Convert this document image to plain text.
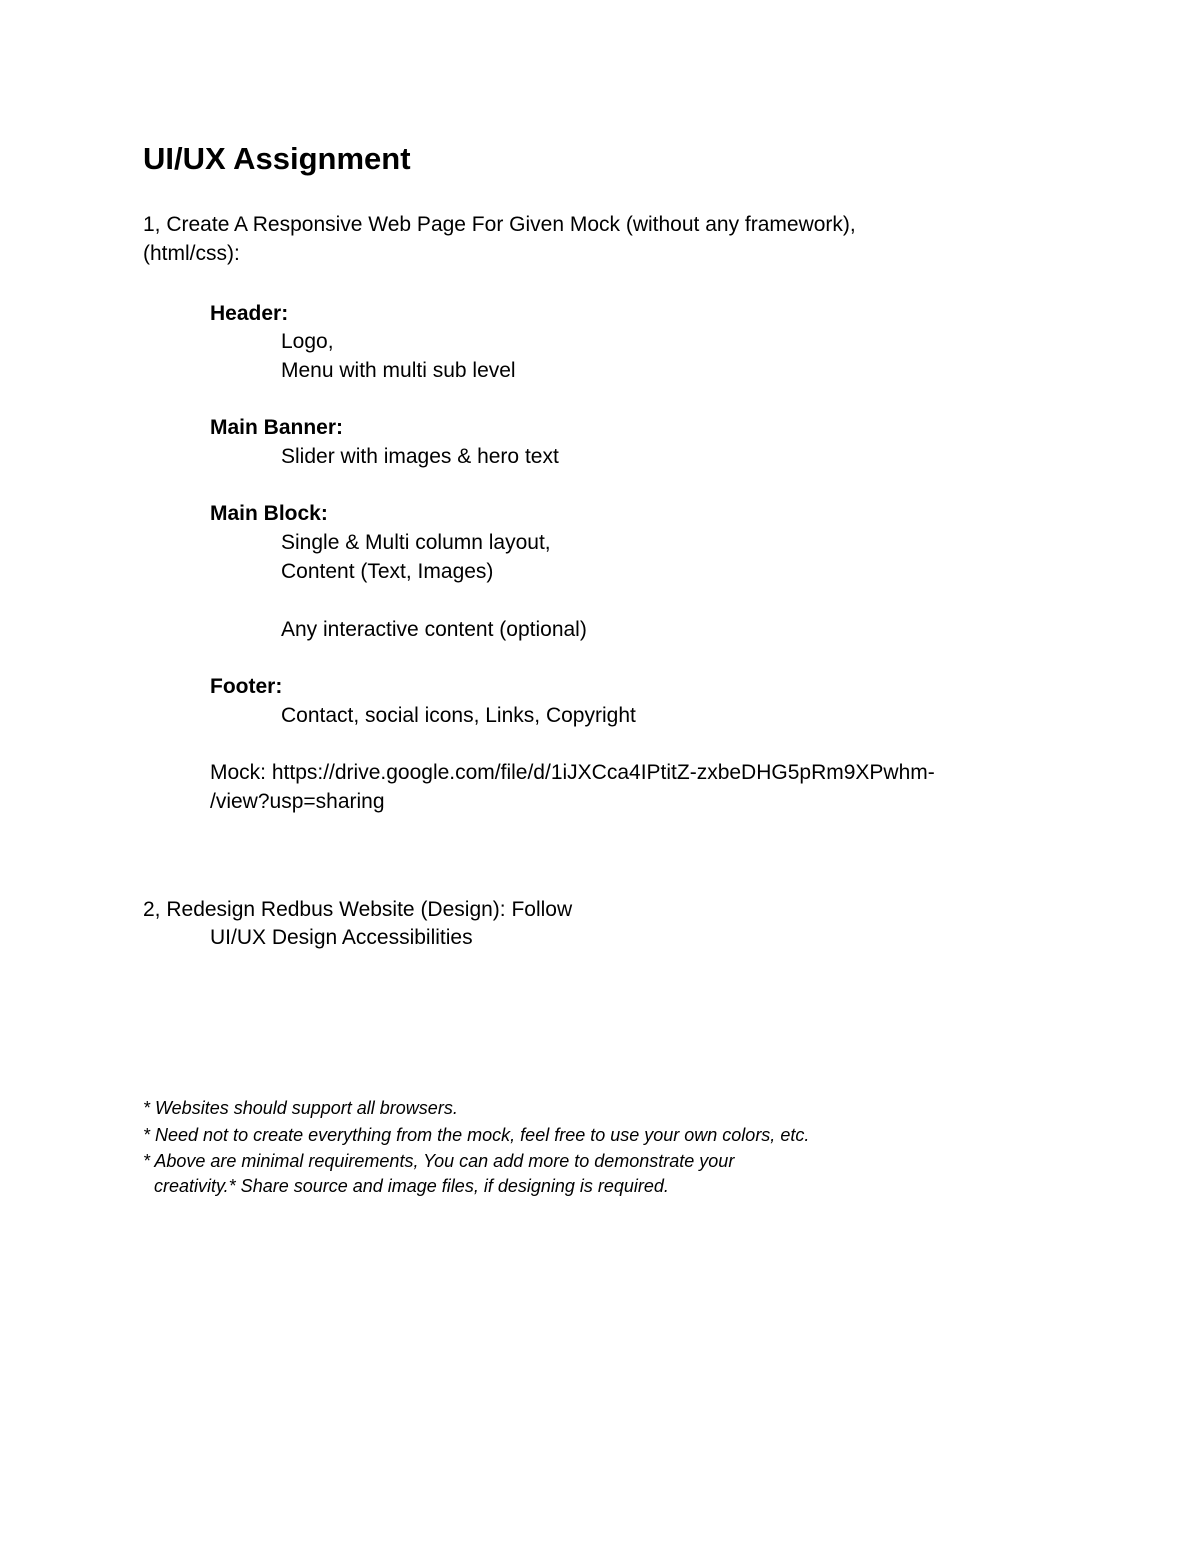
UI/UX Assignment
1, Create A Responsive Web Page For Given Mock (without any framework),
(html/css):
Header:
Logo,
Menu with multi sub level
Main Banner:
Slider with images & hero text
Main Block:
Single & Multi column layout,
Content (Text, Images)
Any interactive content (optional)
Footer:
Contact, social icons, Links, Copyright
Mock: https://drive.google.com/file/d/1iJXCca4IPtitZ-zxbeDHG5pRm9XPwhm-
/view?usp=sharing
2, Redesign Redbus Website (Design): Follow
UI/UX Design Accessibilities
* Websites should support all browsers.
* Need not to create everything from the mock, feel free to use your own colors, etc.
* Above are minimal requirements, You can add more to demonstrate your
creativity.* Share source and image files, if designing is required.
